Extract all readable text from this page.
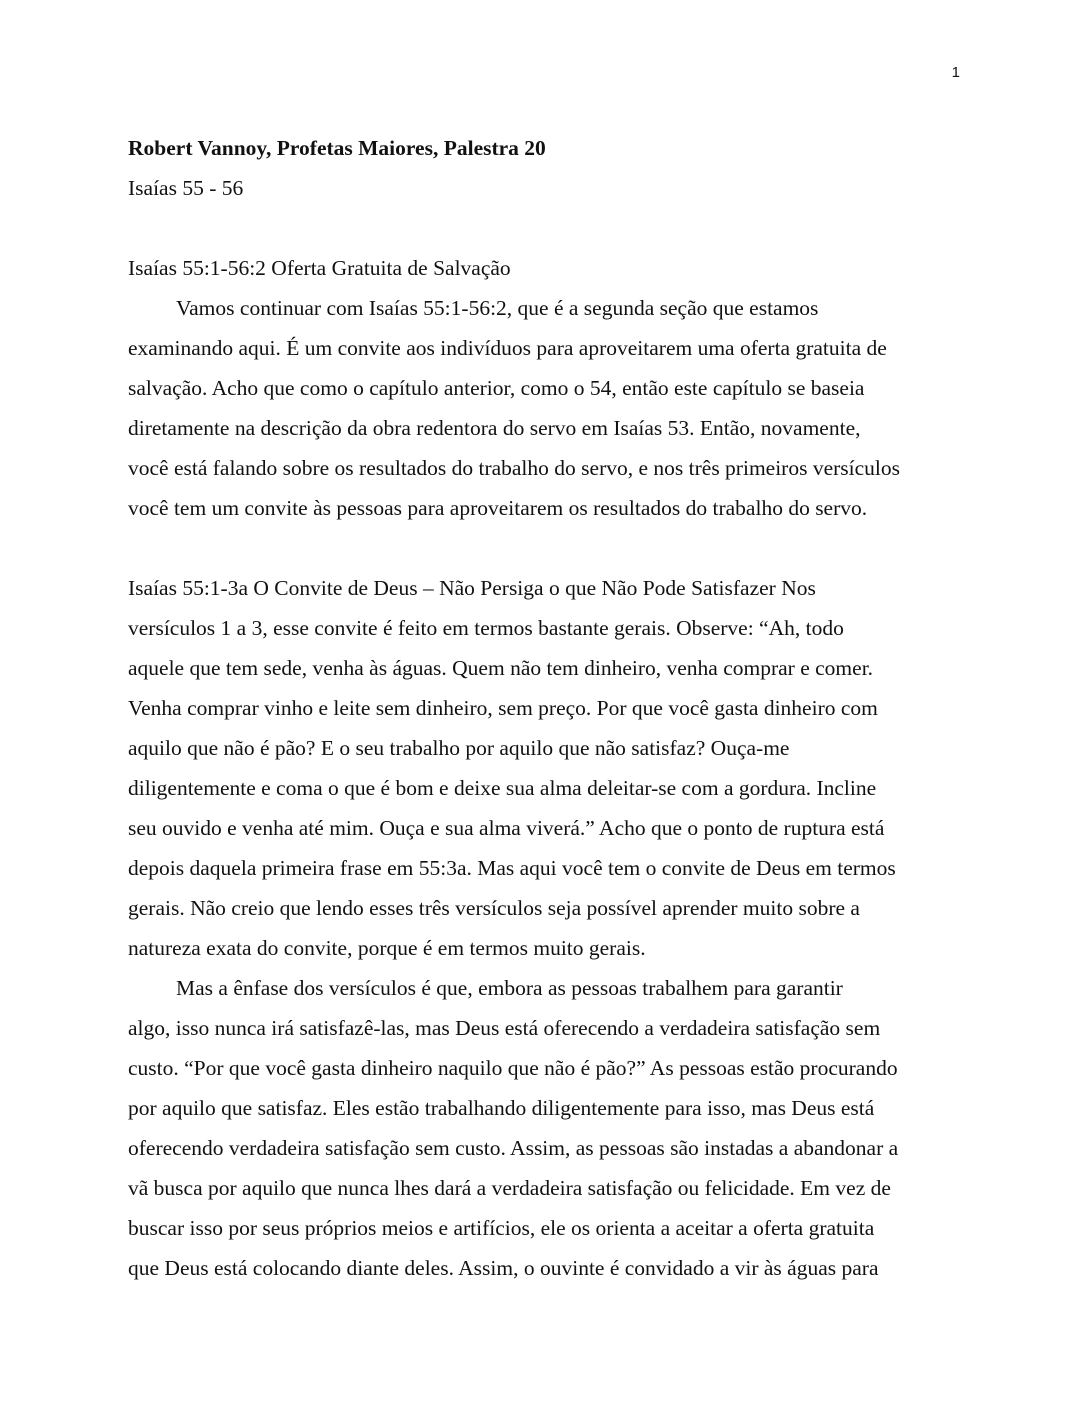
1

Robert Vannoy, Profetas Maiores, Palestra 20

Isaías 55 - 56

Isaías 55:1-56:2 Oferta Gratuita de Salvação

Vamos continuar com Isaías 55:1-56:2, que é a segunda seção que estamos
examinando aqui. É um convite aos indivíduos para aproveitarem uma oferta gratuita de
salvação. Acho que como o capítulo anterior, como o 54, então este capítulo se baseia
diretamente na descrição da obra redentora do servo em Isaías 53. Então, novamente,
você está falando sobre os resultados do trabalho do servo, e nos três primeiros versículos
você tem um convite às pessoas para aproveitarem os resultados do trabalho do servo.
Isaías 55:1-3a O Convite de Deus – Não Persiga o que Não Pode Satisfazer Nos
versículos 1 a 3, esse convite é feito em termos bastante gerais. Observe: “Ah, todo
aquele que tem sede, venha às águas. Quem não tem dinheiro, venha comprar e comer.
Venha comprar vinho e leite sem dinheiro, sem preço. Por que você gasta dinheiro com
aquilo que não é pão? E o seu trabalho por aquilo que não satisfaz? Ouça-me
diligentemente e coma o que é bom e deixe sua alma deleitar-se com a gordura. Incline
seu ouvido e venha até mim. Ouça e sua alma viverá.” Acho que o ponto de ruptura está
depois daquela primeira frase em 55:3a. Mas aqui você tem o convite de Deus em termos
gerais. Não creio que lendo esses três versículos seja possível aprender muito sobre a
natureza exata do convite, porque é em termos muito gerais.
Mas a ênfase dos versículos é que, embora as pessoas trabalhem para garantir
algo, isso nunca irá satisfazê-las, mas Deus está oferecendo a verdadeira satisfação sem
custo. “Por que você gasta dinheiro naquilo que não é pão?” As pessoas estão procurando
por aquilo que satisfaz. Eles estão trabalhando diligentemente para isso, mas Deus está
oferecendo verdadeira satisfação sem custo. Assim, as pessoas são instadas a abandonar a
vã busca por aquilo que nunca lhes dará a verdadeira satisfação ou felicidade. Em vez de
buscar isso por seus próprios meios e artifícios, ele os orienta a aceitar a oferta gratuita
que Deus está colocando diante deles. Assim, o ouvinte é convidado a vir às águas para
